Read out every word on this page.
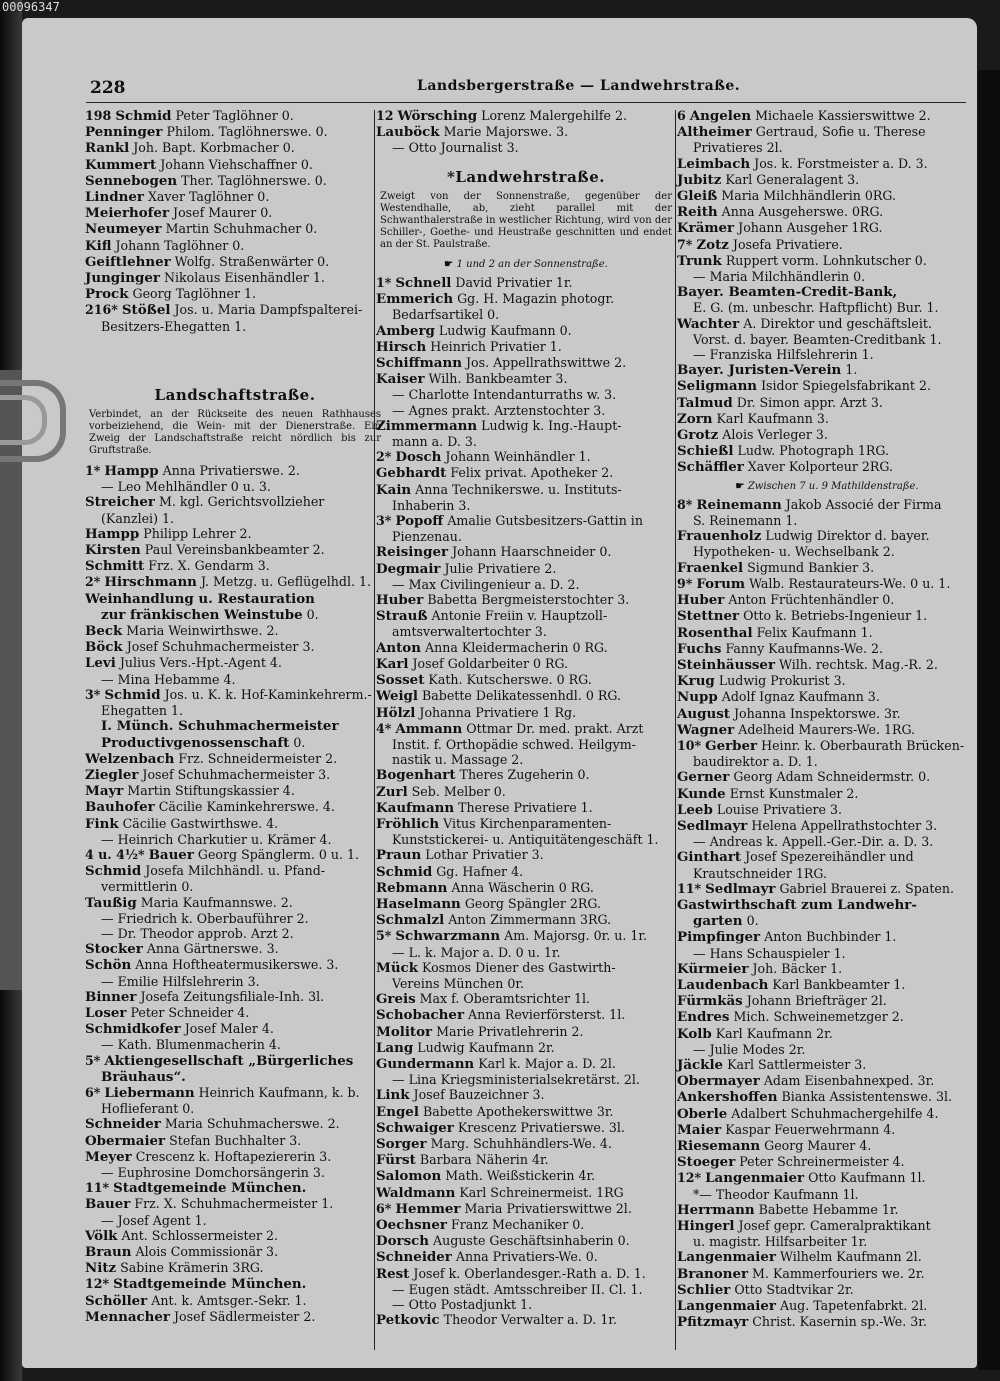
00096347
228	Landsbergerstraße — Landwehrstraße.
198 Schmid Peter Taglöhner 0.
Penninger Philom. Taglöhnerswe. 0.
Rankl Joh. Bapt. Korbmacher 0.
Kummert Johann Viehschaffner 0.
Sennebogen Ther. Taglöhnerswe. 0.
Lindner Xaver Taglöhner 0.
Meierhofer Josef Maurer 0.
Neumeyer Martin Schuhmacher 0.
Kifl Johann Taglöhner 0.
Geiftlehner Wolfg. Straßenwärter 0.
Junginger Nikolaus Eisenhändler 1.
Prock Georg Taglöhner 1.
216* Stößel Jos. u. Maria Dampfspalterei-
Besitzers-Ehegatten 1.
Landschaftstraße.
Verbindet, an der Rückseite des neuen Rathhauses vorbeiziehend, die Wein- mit der Dienerstraße. Ein Zweig der Landschaftstraße reicht nördlich bis zur Gruftstraße.
1* Hampp Anna Privatierswe. 2.
— Leo Mehlhändler 0 u. 3.
Streicher M. kgl. Gerichtsvollzieher
(Kanzlei) 1.
Hampp Philipp Lehrer 2.
Kirsten Paul Vereinsbankbeamter 2.
Schmitt Frz. X. Gendarm 3.
2* Hirschmann J. Metzg. u. Geflügelhdl. 1.
Weinhandlung u. Restauration
zur fränkischen Weinstube 0.
Beck Maria Weinwirthswe. 2.
Böck Josef Schuhmachermeister 3.
Levi Julius Vers.-Hpt.-Agent 4.
— Mina Hebamme 4.
3* Schmid Jos. u. K. k. Hof-Kaminkehrerm.-
Ehegatten 1.
I. Münch. Schuhmachermeister
Productivgenossenschaft 0.
Welzenbach Frz. Schneidermeister 2.
Ziegler Josef Schuhmachermeister 3.
Mayr Martin Stiftungskassier 4.
Bauhofer Cäcilie Kaminkehrerswe. 4.
Fink Cäcilie Gastwirthswe. 4.
— Heinrich Charkutier u. Krämer 4.
4 u. 4½* Bauer Georg Spänglerm. 0 u. 1.
Schmid Josefa Milchhändl. u. Pfand-
vermittlerin 0.
Taußig Maria Kaufmannswe. 2.
— Friedrich k. Oberbauführer 2.
— Dr. Theodor approb. Arzt 2.
Stocker Anna Gärtnerswe. 3.
Schön Anna Hoftheatermusikerswe. 3.
— Emilie Hilfslehrerin 3.
Binner Josefa Zeitungsfiliale-Inh. 3l.
Loser Peter Schneider 4.
Schmidkofer Josef Maler 4.
— Kath. Blumenmacherin 4.
5* Aktiengesellschaft „Bürgerliches
Bräuhaus“.
6* Liebermann Heinrich Kaufmann, k. b.
Hoflieferant 0.
Schneider Maria Schuhmacherswe. 2.
Obermaier Stefan Buchhalter 3.
Meyer Crescenz k. Hoftapeziererin 3.
— Euphrosine Domchorsängerin 3.
11* Stadtgemeinde München.
Bauer Frz. X. Schuhmachermeister 1.
— Josef Agent 1.
Völk Ant. Schlossermeister 2.
Braun Alois Commissionär 3.
Nitz Sabine Krämerin 3RG.
12* Stadtgemeinde München.
Schöller Ant. k. Amtsger.-Sekr. 1.
Mennacher Josef Sädlermeister 2.
12 Wörsching Lorenz Malergehilfe 2.
Lauböck Marie Majorswe. 3.
— Otto Journalist 3.
*Landwehrstraße.
Zweigt von der Sonnenstraße, gegenüber der Westendhalle, ab, zieht parallel mit der Schwanthalerstraße in westlicher Richtung, wird von der Schiller-, Goethe- und Heustraße geschnitten und endet an der St. Paulstraße.
☛ 1 und 2 an der Sonnenstraße.
1* Schnell David Privatier 1r.
Emmerich Gg. H. Magazin photogr.
Bedarfsartikel 0.
Amberg Ludwig Kaufmann 0.
Hirsch Heinrich Privatier 1.
Schiffmann Jos. Appellrathswittwe 2.
Kaiser Wilh. Bankbeamter 3.
— Charlotte Intendanturraths w. 3.
— Agnes prakt. Arztenstochter 3.
Zimmermann Ludwig k. Ing.-Haupt-
mann a. D. 3.
2* Dosch Johann Weinhändler 1.
Gebhardt Felix privat. Apotheker 2.
Kain Anna Technikerswe. u. Instituts-
Inhaberin 3.
3* Popoff Amalie Gutsbesitzers-Gattin in
Pienzenau.
Reisinger Johann Haarschneider 0.
Degmair Julie Privatiere 2.
— Max Civilingenieur a. D. 2.
Huber Babetta Bergmeisterstochter 3.
Strauß Antonie Freiin v. Hauptzoll-
amtsverwaltertochter 3.
Anton Anna Kleidermacherin 0 RG.
Karl Josef Goldarbeiter 0 RG.
Sosset Kath. Kutscherswe. 0 RG.
Weigl Babette Delikatessenhdl. 0 RG.
Hölzl Johanna Privatiere 1 Rg.
4* Ammann Ottmar Dr. med. prakt. Arzt
Instit. f. Orthopädie schwed. Heilgym-
nastik u. Massage 2.
Bogenhart Theres Zugeherin 0.
Zurl Seb. Melber 0.
Kaufmann Therese Privatiere 1.
Fröhlich Vitus Kirchenparamenten-
Kunststickerei- u. Antiquitätengeschäft 1.
Praun Lothar Privatier 3.
Schmid Gg. Hafner 4.
Rebmann Anna Wäscherin 0 RG.
Haselmann Georg Spängler 2RG.
Schmalzl Anton Zimmermann 3RG.
5* Schwarzmann Am. Majorsg. 0r. u. 1r.
— L. k. Major a. D. 0 u. 1r.
Mück Kosmos Diener des Gastwirth-
Vereins München 0r.
Greis Max f. Oberamtsrichter 1l.
Schobacher Anna Revierförsterst. 1l.
Molitor Marie Privatlehrerin 2.
Lang Ludwig Kaufmann 2r.
Gundermann Karl k. Major a. D. 2l.
— Lina Kriegsministerialsekretärst. 2l.
Link Josef Bauzeichner 3.
Engel Babette Apothekerswittwe 3r.
Schwaiger Krescenz Privatierswe. 3l.
Sorger Marg. Schuhhändlers-We. 4.
Fürst Barbara Näherin 4r.
Salomon Math. Weißstickerin 4r.
Waldmann Karl Schreinermeist. 1RG
6* Hemmer Maria Privatierswittwe 2l.
Oechsner Franz Mechaniker 0.
Dorsch Auguste Geschäftsinhaberin 0.
Schneider Anna Privatiers-We. 0.
Rest Josef k. Oberlandesger.-Rath a. D. 1.
— Eugen städt. Amtsschreiber II. Cl. 1.
— Otto Postadjunkt 1.
Petkovic Theodor Verwalter a. D. 1r.
6 Angelen Michaele Kassierswittwe 2.
Altheimer Gertraud, Sofie u. Therese
Privatieres 2l.
Leimbach Jos. k. Forstmeister a. D. 3.
Jubitz Karl Generalagent 3.
Gleiß Maria Milchhändlerin 0RG.
Reith Anna Ausgeherswe. 0RG.
Krämer Johann Ausgeher 1RG.
7* Zotz Josefa Privatiere.
Trunk Ruppert vorm. Lohnkutscher 0.
— Maria Milchhändlerin 0.
Bayer. Beamten-Credit-Bank,
E. G. (m. unbeschr. Haftpflicht) Bur. 1.
Wachter A. Direktor und geschäftsleit.
Vorst. d. bayer. Beamten-Creditbank 1.
— Franziska Hilfslehrerin 1.
Bayer. Juristen-Verein 1.
Seligmann Isidor Spiegelsfabrikant 2.
Talmud Dr. Simon appr. Arzt 3.
Zorn Karl Kaufmann 3.
Grotz Alois Verleger 3.
Schießl Ludw. Photograph 1RG.
Schäffler Xaver Kolporteur 2RG.
☛ Zwischen 7 u. 9 Mathildenstraße.
8* Reinemann Jakob Associé der Firma
S. Reinemann 1.
Frauenholz Ludwig Direktor d. bayer.
Hypotheken- u. Wechselbank 2.
Fraenkel Sigmund Bankier 3.
9* Forum Walb. Restaurateurs-We. 0 u. 1.
Huber Anton Früchtenhändler 0.
Stettner Otto k. Betriebs-Ingenieur 1.
Rosenthal Felix Kaufmann 1.
Fuchs Fanny Kaufmanns-We. 2.
Steinhäusser Wilh. rechtsk. Mag.-R. 2.
Krug Ludwig Prokurist 3.
Nupp Adolf Ignaz Kaufmann 3.
August Johanna Inspektorswe. 3r.
Wagner Adelheid Maurers-We. 1RG.
10* Gerber Heinr. k. Oberbaurath Brücken-
baudirektor a. D. 1.
Gerner Georg Adam Schneidermstr. 0.
Kunde Ernst Kunstmaler 2.
Leeb Louise Privatiere 3.
Sedlmayr Helena Appellrathstochter 3.
— Andreas k. Appell.-Ger.-Dir. a. D. 3.
Ginthart Josef Spezereihändler und
Krautschneider 1RG.
11* Sedlmayr Gabriel Brauerei z. Spaten.
Gastwirthschaft zum Landwehr-
garten 0.
Pimpfinger Anton Buchbinder 1.
— Hans Schauspieler 1.
Kürmeier Joh. Bäcker 1.
Laudenbach Karl Bankbeamter 1.
Fürmkäs Johann Briefträger 2l.
Endres Mich. Schweinemetzger 2.
Kolb Karl Kaufmann 2r.
— Julie Modes 2r.
Jäckle Karl Sattlermeister 3.
Obermayer Adam Eisenbahnexped. 3r.
Ankershoffen Bianka Assistentenswe. 3l.
Oberle Adalbert Schuhmachergehilfe 4.
Maier Kaspar Feuerwehrmann 4.
Riesemann Georg Maurer 4.
Stoeger Peter Schreinermeister 4.
12* Langenmaier Otto Kaufmann 1l.
*— Theodor Kaufmann 1l.
Herrmann Babette Hebamme 1r.
Hingerl Josef gepr. Cameralpraktikant
u. magistr. Hilfsarbeiter 1r.
Langenmaier Wilhelm Kaufmann 2l.
Branoner M. Kammerfouriers we. 2r.
Schlier Otto Stadtvikar 2r.
Langenmaier Aug. Tapetenfabrkt. 2l.
Pfitzmayr Christ. Kasernin sp.-We. 3r.
